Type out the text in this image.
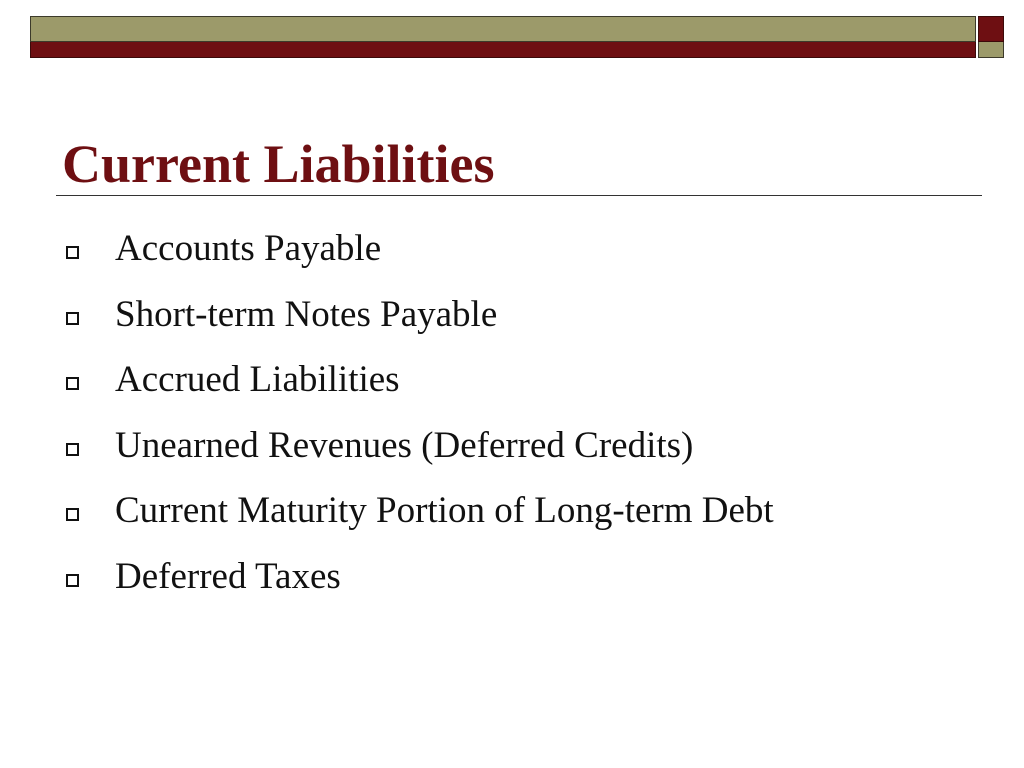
Current Liabilities
Accounts Payable
Short-term Notes Payable
Accrued Liabilities
Unearned Revenues (Deferred Credits)
Current Maturity Portion of Long-term Debt
Deferred Taxes
